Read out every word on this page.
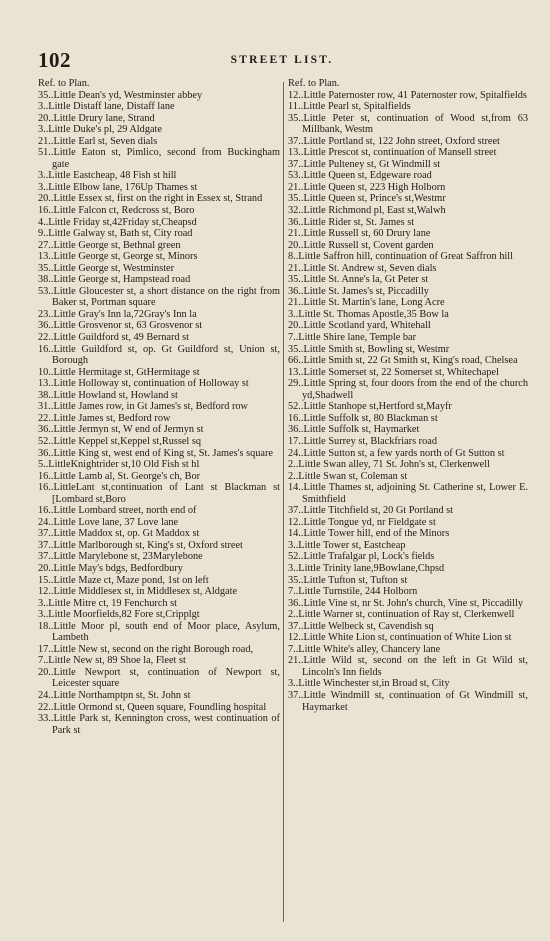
102	STREET LIST.
Ref. to Plan.
35..Little Dean's yd, Westminster abbey
3..Little Distaff lane, Distaff lane
20..Little Drury lane, Strand
3..Little Duke's pl, 29 Aldgate
21..Little Earl st, Seven dials
51..Little Eaton st, Pimlico, second from Buckingham gate
3..Little Eastcheap, 48 Fish st hill
3..Little Elbow lane, 176Up Thames st
20..Little Essex st, first on the right in Essex st, Strand
16..Little Falcon ct, Redcross st, Boro
4..Little Friday st,42Friday st,Cheapsd
9..Little Galway st, Bath st, City road
27..Little George st, Bethnal green
13..Little George st, George st, Minors
35..Little George st, Westminster
38..Little George st, Hampstead road
53..Little Gloucester st, a short distance on the right from Baker st, Portman square
23..Little Gray's Inn la,72Gray's Inn la
36..Little Grosvenor st, 63 Grosvenor st
22..Little Guildford st, 49 Bernard st
16..Little Guildford st, op. Gt Guildford st, Union st, Borough
10..Little Hermitage st, GtHermitage st
13..Little Holloway st, continuation of Holloway st
38..Little Howland st, Howland st
31..Little James row, in Gt James's st, Bedford row
22..Little James st, Bedford row
36..Little Jermyn st, W end of Jermyn st
52..Little Keppel st,Keppel st,Russel sq
36..Little King st, west end of King st, St. James's square
5..LittleKnightrider st,10 Old Fish st hl
16..Little Lamb al, St. George's ch, Bor
16..LittleLant st,continuation of Lant st Blackman st [Lombard st,Boro
16..Little Lombard street, north end of
24..Little Love lane, 37 Love lane
37..Little Maddox st, op. Gt Maddox st
37..Little Marlborough st, King's st, Oxford street
37..Little Marylebone st, 23Marylebone
20..Little May's bdgs, Bedfordbury
15..Little Maze ct, Maze pond, 1st on left
12..Little Middlesex st, in Middlesex st, Aldgate
3..Little Mitre ct, 19 Fenchurch st
3..Little Moorfields,82 Fore st,Cripplgt
18..Little Moor pl, south end of Moor place, Asylum, Lambeth
17..Little New st, second on the right Borough road,
7..Little New st, 89 Shoe la, Fleet st
20..Little Newport st, continuation of Newport st, Leicester square
24..Little Northamptpn st, St. John st
22..Little Ormond st, Queen square, Foundling hospital
33..Little Park st, Kennington cross, west continuation of Park st
Ref. to Plan.
12..Little Paternoster row, 41 Paternoster row, Spitalfields
11..Little Pearl st, Spitalfields
35..Little Peter st, continuation of Wood st,from 63 Millbank, Westm
37..Little Portland st, 122 John street, Oxford street
13..Little Prescot st, continuation of Mansell street
37..Little Pulteney st, Gt Windmill st
53..Little Queen st, Edgeware road
21..Little Queen st, 223 High Holborn
35..Little Queen st, Prince's st,Westmr
32..Little Richmond pl, East st,Walwh
36..Little Rider st, St. James st
21..Little Russell st, 60 Drury lane
20..Little Russell st, Covent garden
8..Little Saffron hill, continuation of Great Saffron hill
21..Little St. Andrew st, Seven dials
35..Little St. Anne's la, Gt Peter st
36..Little St. James's st, Piccadilly
21..Little St. Martin's lane, Long Acre
3..Little St. Thomas Apostle,35 Bow la
20..Little Scotland yard, Whitehall
7..Little Shire lane, Temple bar
35..Little Smith st, Bowling st, Westmr
66..Little Smith st, 22 Gt Smith st, King's road, Chelsea
13..Little Somerset st, 22 Somerset st, Whitechapel
29..Little Spring st, four doors from the end of the church yd,Shadwell
52..Little Stanhope st,Hertford st,Mayfr
16..Little Suffolk st, 80 Blackman st
36..Little Suffolk st, Haymarket
17..Little Surrey st, Blackfriars road
24..Little Sutton st, a few yards north of Gt Sutton st
2..Little Swan alley, 71 St. John's st, Clerkenwell
2..Little Swan st, Coleman st
14..Little Thames st, adjoining St. Catherine st, Lower E. Smithfield
37..Little Titchfield st, 20 Gt Portland st
12..Little Tongue yd, nr Fieldgate st
14..Little Tower hill, end of the Minors
3..Little Tower st, Eastcheap
52..Little Trafalgar pl, Lock's fields
3..Little Trinity lane,9Bowlane,Chpsd
35..Little Tufton st, Tufton st
7..Little Turnstile, 244 Holborn
36..Little Vine st, nr St. John's church, Vine st, Piccadilly
2..Little Warner st, continuation of Ray st, Clerkenwell
37..Little Welbeck st, Cavendish sq
12..Little White Lion st, continuation of White Lion st
7..Little White's alley, Chancery lane
21..Little Wild st, second on the left in Gt Wild st, Lincoln's Inn fields
3..Little Winchester st,in Broad st, City
37..Little Windmill st, continuation of Gt Windmill st, Haymarket
